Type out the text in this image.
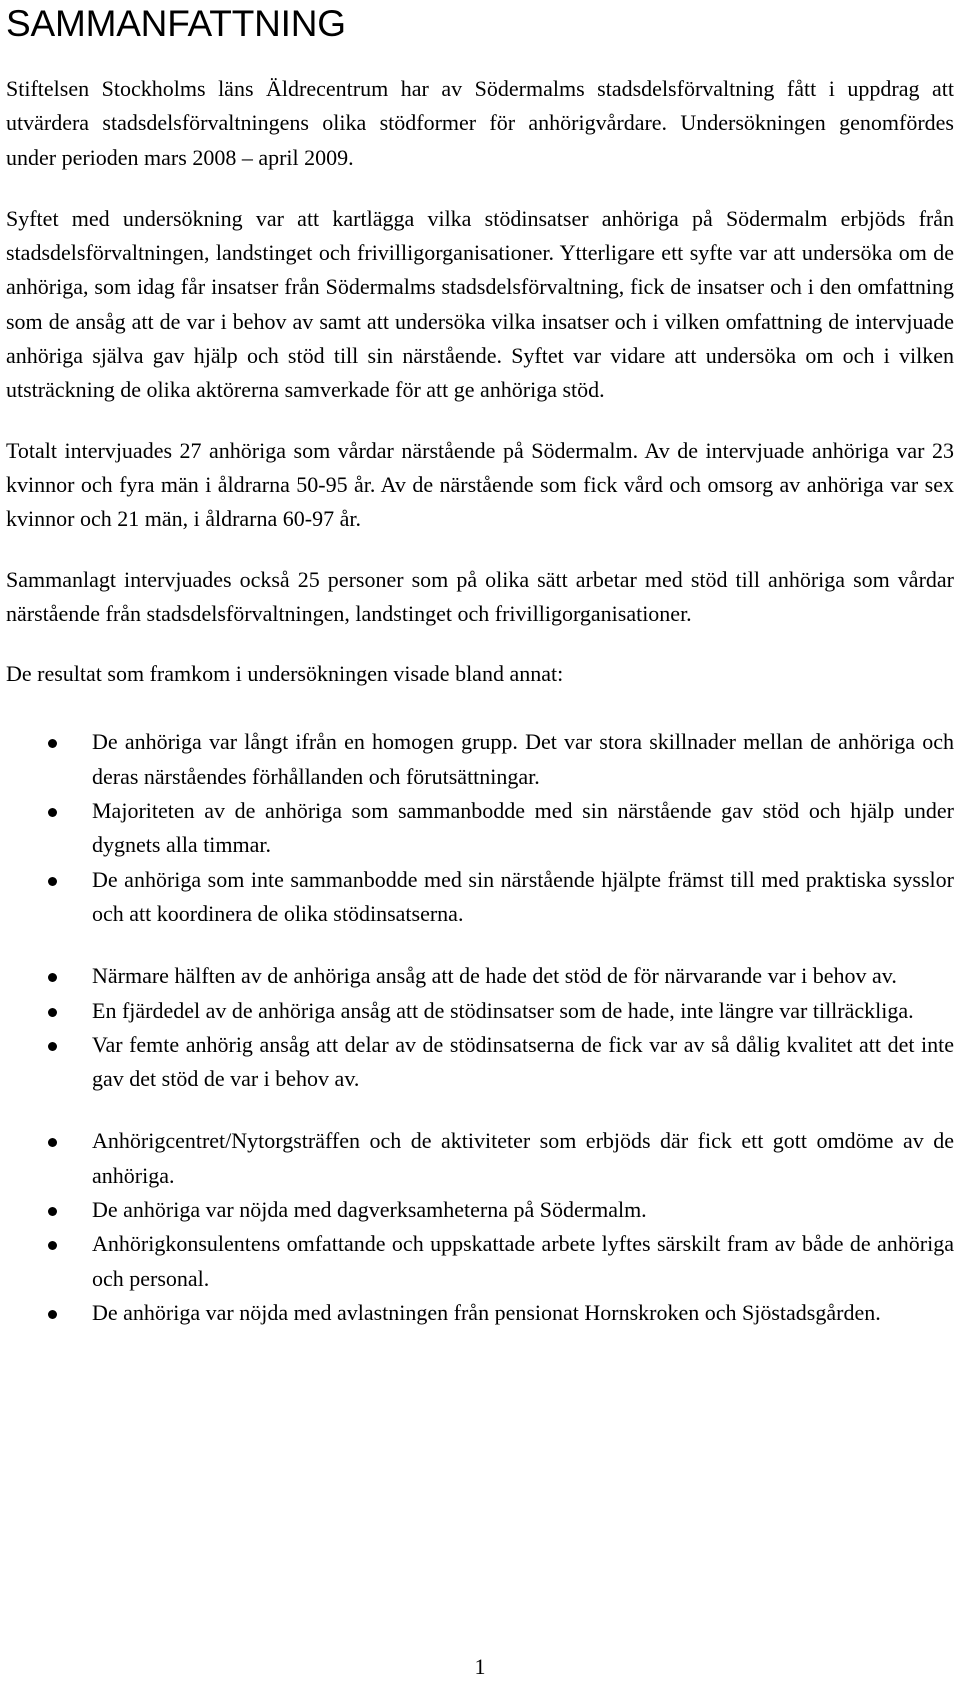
SAMMANFATTNING

Stiftelsen Stockholms läns Äldrecentrum har av Södermalms stadsdelsförvaltning fått i uppdrag att utvärdera stadsdelsförvaltningens olika stödformer för anhörigvårdare. Undersökningen genomfördes under perioden mars 2008 – april 2009.

Syftet med undersökning var att kartlägga vilka stödinsatser anhöriga på Södermalm erbjöds från stadsdelsförvaltningen, landstinget och frivilligorganisationer. Ytterligare ett syfte var att undersöka om de anhöriga, som idag får insatser från Södermalms stadsdelsförvaltning, fick de insatser och i den omfattning som de ansåg att de var i behov av samt att undersöka vilka insatser och i vilken omfattning de intervjuade anhöriga själva gav hjälp och stöd till sin närstående. Syftet var vidare att undersöka om och i vilken utsträckning de olika aktörerna samverkade för att ge anhöriga stöd.

Totalt intervjuades 27 anhöriga som vårdar närstående på Södermalm. Av de intervjuade anhöriga var 23 kvinnor och fyra män i åldrarna 50-95 år. Av de närstående som fick vård och omsorg av anhöriga var sex kvinnor och 21 män, i åldrarna 60-97 år.

Sammanlagt intervjuades också 25 personer som på olika sätt arbetar med stöd till anhöriga som vårdar närstående från stadsdelsförvaltningen, landstinget och frivilligorganisationer.

De resultat som framkom i undersökningen visade bland annat:

De anhöriga var långt ifrån en homogen grupp. Det var stora skillnader mellan de anhöriga och deras närståendes förhållanden och förutsättningar.
Majoriteten av de anhöriga som sammanbodde med sin närstående gav stöd och hjälp under dygnets alla timmar.
De anhöriga som inte sammanbodde med sin närstående hjälpte främst till med praktiska sysslor och att koordinera de olika stödinsatserna.
Närmare hälften av de anhöriga ansåg att de hade det stöd de för närvarande var i behov av.
En fjärdedel av de anhöriga ansåg att de stödinsatser som de hade, inte längre var tillräckliga.
Var femte anhörig ansåg att delar av de stödinsatserna de fick var av så dålig kvalitet att det inte gav det stöd de var i behov av.
Anhörigcentret/Nytorgsträffen och de aktiviteter som erbjöds där fick ett gott omdöme av de anhöriga.
De anhöriga var nöjda med dagverksamheterna på Södermalm.
Anhörigkonsulentens omfattande och uppskattade arbete lyftes särskilt fram av både de anhöriga och personal.
De anhöriga var nöjda med avlastningen från pensionat Hornskroken och Sjöstadsgården.
1
